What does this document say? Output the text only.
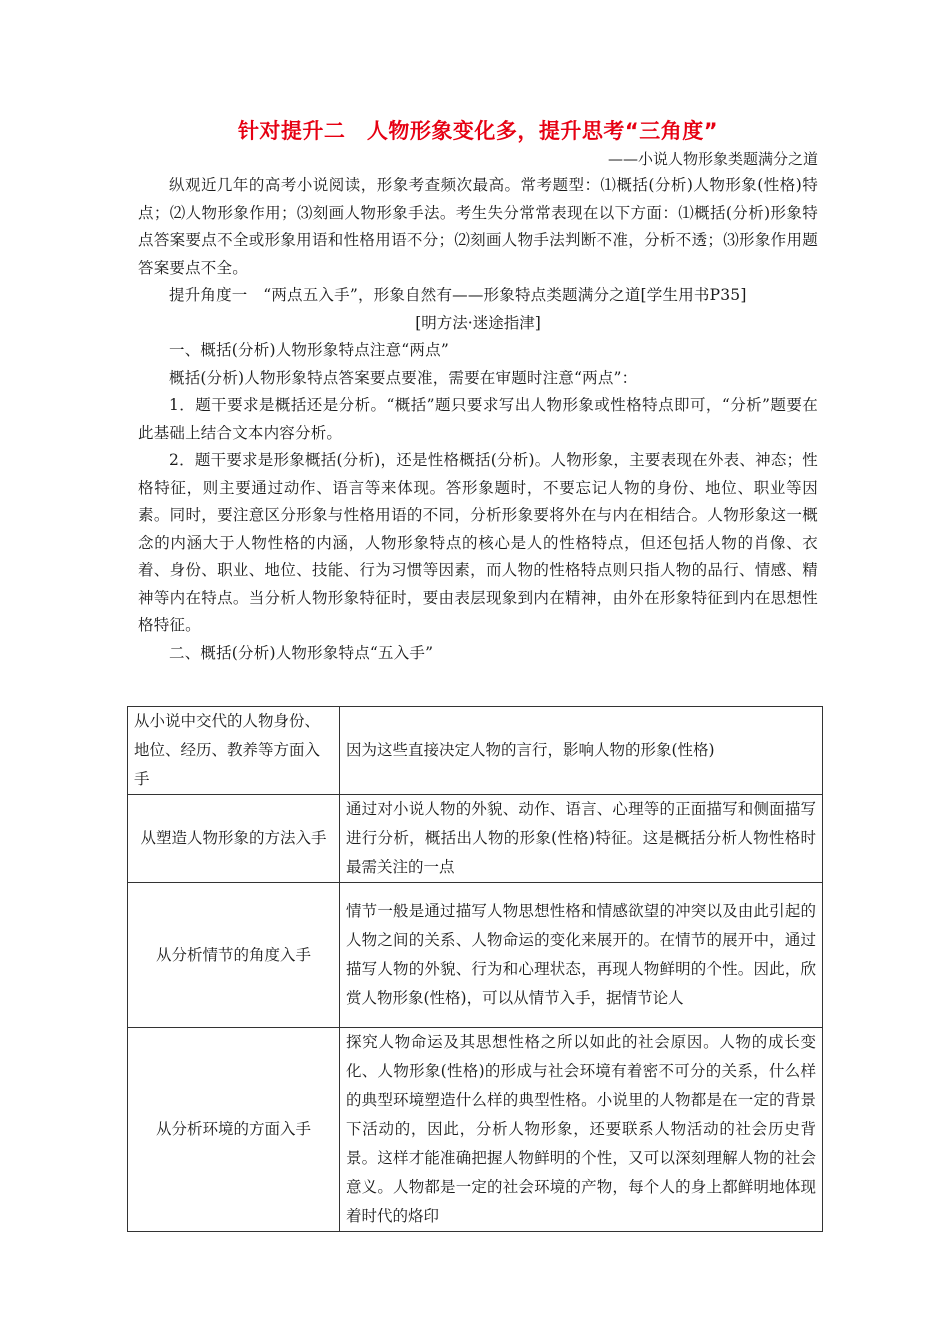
针对提升二　人物形象变化多，提升思考“三角度”

——小说人物形象类题满分之道

纵观近几年的高考小说阅读，形象考查频次最高。常考题型：⑴概括(分析)人物形象(性格)特点；⑵人物形象作用；⑶刻画人物形象手法。考生失分常常表现在以下方面：⑴概括(分析)形象特点答案要点不全或形象用语和性格用语不分；⑵刻画人物手法判断不准，分析不透；⑶形象作用题答案要点不全。

提升角度一　“两点五入手”，形象自然有——形象特点类题满分之道[学生用书P35]

[明方法·迷途指津]

一、概括(分析)人物形象特点注意“两点”

概括(分析)人物形象特点答案要点要准，需要在审题时注意“两点”：

1．题干要求是概括还是分析。“概括”题只要求写出人物形象或性格特点即可，“分析”题要在此基础上结合文本内容分析。

2．题干要求是形象概括(分析)，还是性格概括(分析)。人物形象，主要表现在外表、神态；性格特征，则主要通过动作、语言等来体现。答形象题时，不要忘记人物的身份、地位、职业等因素。同时，要注意区分形象与性格用语的不同，分析形象要将外在与内在相结合。人物形象这一概念的内涵大于人物性格的内涵，人物形象特点的核心是人的性格特点，但还包括人物的肖像、衣着、身份、职业、地位、技能、行为习惯等因素，而人物的性格特点则只指人物的品行、情感、精神等内在特点。当分析人物形象特征时，要由表层现象到内在精神，由外在形象特征到内在思想性格特征。

二、概括(分析)人物形象特点“五入手”

从小说中交代的人物身份、地位、经历、教养等方面入手	因为这些直接决定人物的言行，影响人物的形象(性格)
从塑造人物形象的方法入手	通过对小说人物的外貌、动作、语言、心理等的正面描写和侧面描写进行分析，概括出人物的形象(性格)特征。这是概括分析人物性格时最需关注的一点
从分析情节的角度入手	情节一般是通过描写人物思想性格和情感欲望的冲突以及由此引起的人物之间的关系、人物命运的变化来展开的。在情节的展开中，通过描写人物的外貌、行为和心理状态，再现人物鲜明的个性。因此，欣赏人物形象(性格)，可以从情节入手，据情节论人
从分析环境的方面入手	探究人物命运及其思想性格之所以如此的社会原因。人物的成长变化、人物形象(性格)的形成与社会环境有着密不可分的关系，什么样的典型环境塑造什么样的典型性格。小说里的人物都是在一定的背景下活动的，因此，分析人物形象，还要联系人物活动的社会历史背景。这样才能准确把握人物鲜明的个性，又可以深刻理解人物的社会意义。人物都是一定的社会环境的产物，每个人的身上都鲜明地体现着时代的烙印
